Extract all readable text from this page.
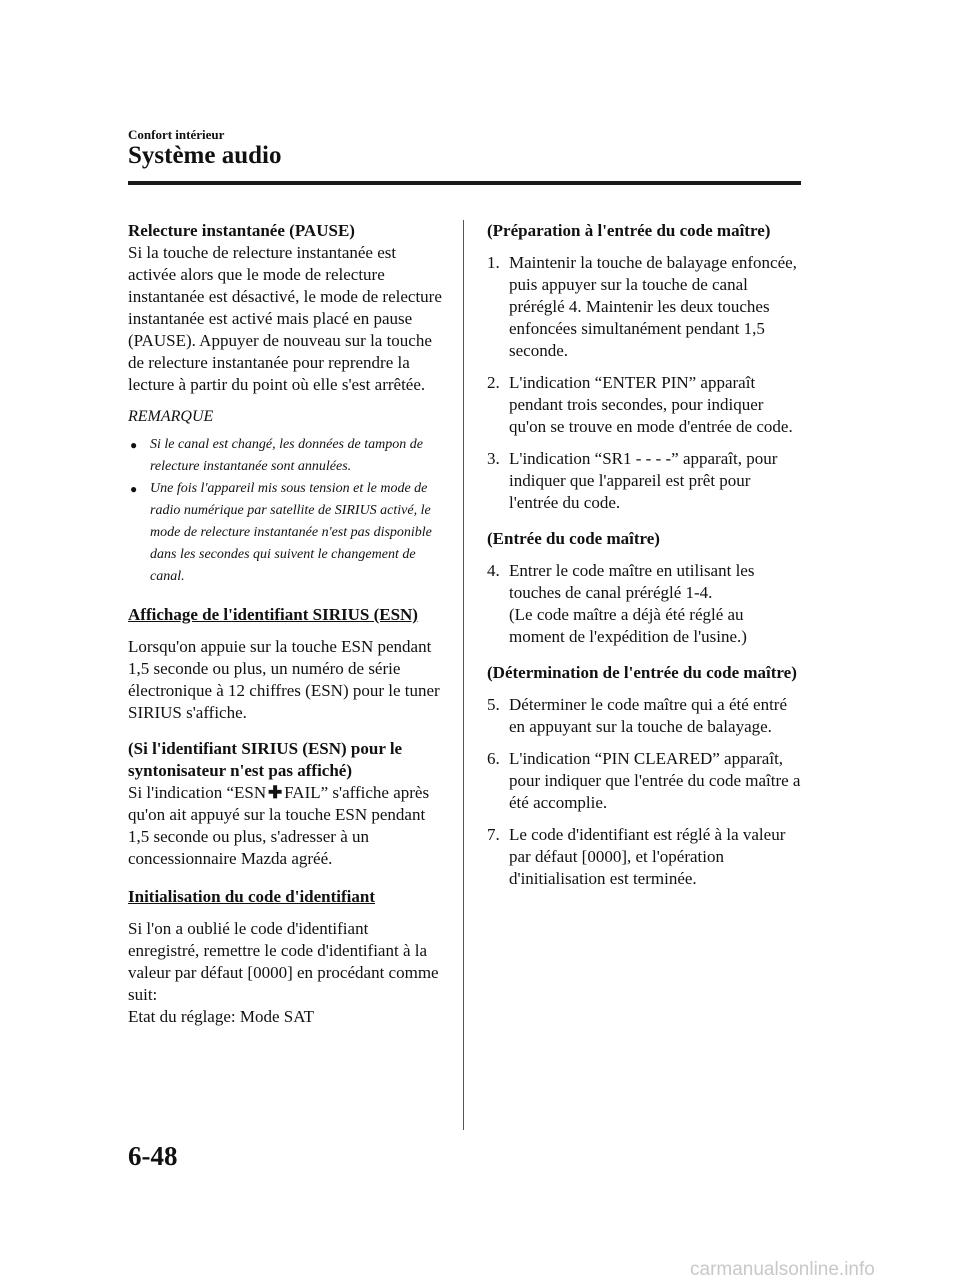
Confort intérieur
Système audio

Relecture instantanée (PAUSE)

Si la touche de relecture instantanée est activée alors que le mode de relecture instantanée est désactivé, le mode de relecture instantanée est activé mais placé en pause (PAUSE). Appuyer de nouveau sur la touche de relecture instantanée pour reprendre la lecture à partir du point où elle s'est arrêtée.

REMARQUE

● Si le canal est changé, les données de tampon de relecture instantanée sont annulées.
● Une fois l'appareil mis sous tension et le mode de radio numérique par satellite de SIRIUS activé, le mode de relecture instantanée n'est pas disponible dans les secondes qui suivent le changement de canal.

Affichage de l'identifiant SIRIUS (ESN)

Lorsqu'on appuie sur la touche ESN pendant 1,5 seconde ou plus, un numéro de série électronique à 12 chiffres (ESN) pour le tuner SIRIUS s'affiche.

(Si l'identifiant SIRIUS (ESN) pour le syntonisateur n'est pas affiché)

Si l'indication “ESN ✚ FAIL” s'affiche après qu'on ait appuyé sur la touche ESN pendant 1,5 seconde ou plus, s'adresser à un concessionnaire Mazda agréé.

Initialisation du code d'identifiant

Si l'on a oublié le code d'identifiant enregistré, remettre le code d'identifiant à la valeur par défaut [0000] en procédant comme suit:

Etat du réglage: Mode SAT

(Préparation à l'entrée du code maître)

1. Maintenir la touche de balayage enfoncée, puis appuyer sur la touche de canal préréglé 4. Maintenir les deux touches enfoncées simultanément pendant 1,5 seconde.
2. L'indication “ENTER PIN” apparaît pendant trois secondes, pour indiquer qu'on se trouve en mode d'entrée de code.
3. L'indication “SR1 - - - -” apparaît, pour indiquer que l'appareil est prêt pour l'entrée du code.

(Entrée du code maître)

4. Entrer le code maître en utilisant les touches de canal préréglé 1-4.
(Le code maître a déjà été réglé au moment de l'expédition de l'usine.)

(Détermination de l'entrée du code maître)

5. Déterminer le code maître qui a été entré en appuyant sur la touche de balayage.
6. L'indication “PIN CLEARED” apparaît, pour indiquer que l'entrée du code maître a été accomplie.
7. Le code d'identifiant est réglé à la valeur par défaut [0000], et l'opération d'initialisation est terminée.

6-48

carmanualsonline.info
